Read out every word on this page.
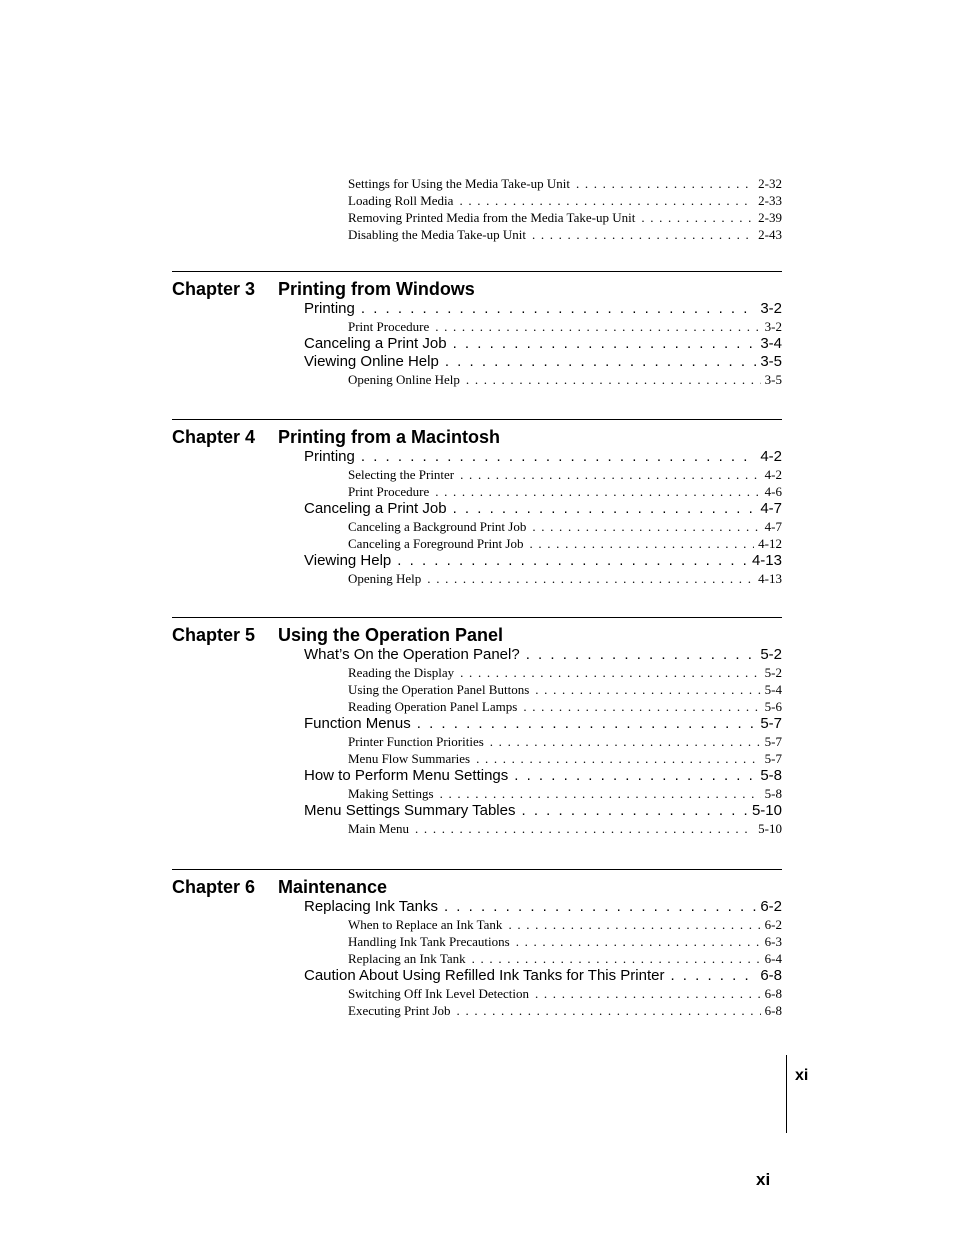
Settings for Using the Media Take-up Unit . . .	2-32
Loading Roll Media . . .	2-33
Removing Printed Media from the Media Take-up Unit . . .	2-39
Disabling the Media Take-up Unit . . .	2-43
Chapter 3	Printing from Windows
Printing . . .	3-2
Print Procedure . . .	3-2
Canceling a Print Job . . .	3-4
Viewing Online Help . . .	3-5
Opening Online Help . . .	3-5
Chapter 4	Printing from a Macintosh
Printing . . .	4-2
Selecting the Printer . . .	4-2
Print Procedure . . .	4-6
Canceling a Print Job . . .	4-7
Canceling a Background Print Job . . .	4-7
Canceling a Foreground Print Job . . .	4-12
Viewing Help . . .	4-13
Opening Help . . .	4-13
Chapter 5	Using the Operation Panel
What’s On the Operation Panel? . . .	5-2
Reading the Display . . .	5-2
Using the Operation Panel Buttons . . .	5-4
Reading Operation Panel Lamps . . .	5-6
Function Menus . . .	5-7
Printer Function Priorities . . .	5-7
Menu Flow Summaries . . .	5-7
How to Perform Menu Settings . . .	5-8
Making Settings . . .	5-8
Menu Settings Summary Tables . . .	5-10
Main Menu . . .	5-10
Chapter 6	Maintenance
Replacing Ink Tanks . . .	6-2
When to Replace an Ink Tank . . .	6-2
Handling Ink Tank Precautions . . .	6-3
Replacing an Ink Tank . . .	6-4
Caution About Using Refilled Ink Tanks for This Printer . . .	6-8
Switching Off Ink Level Detection . . .	6-8
Executing Print Job . . .	6-8
xi
xi
